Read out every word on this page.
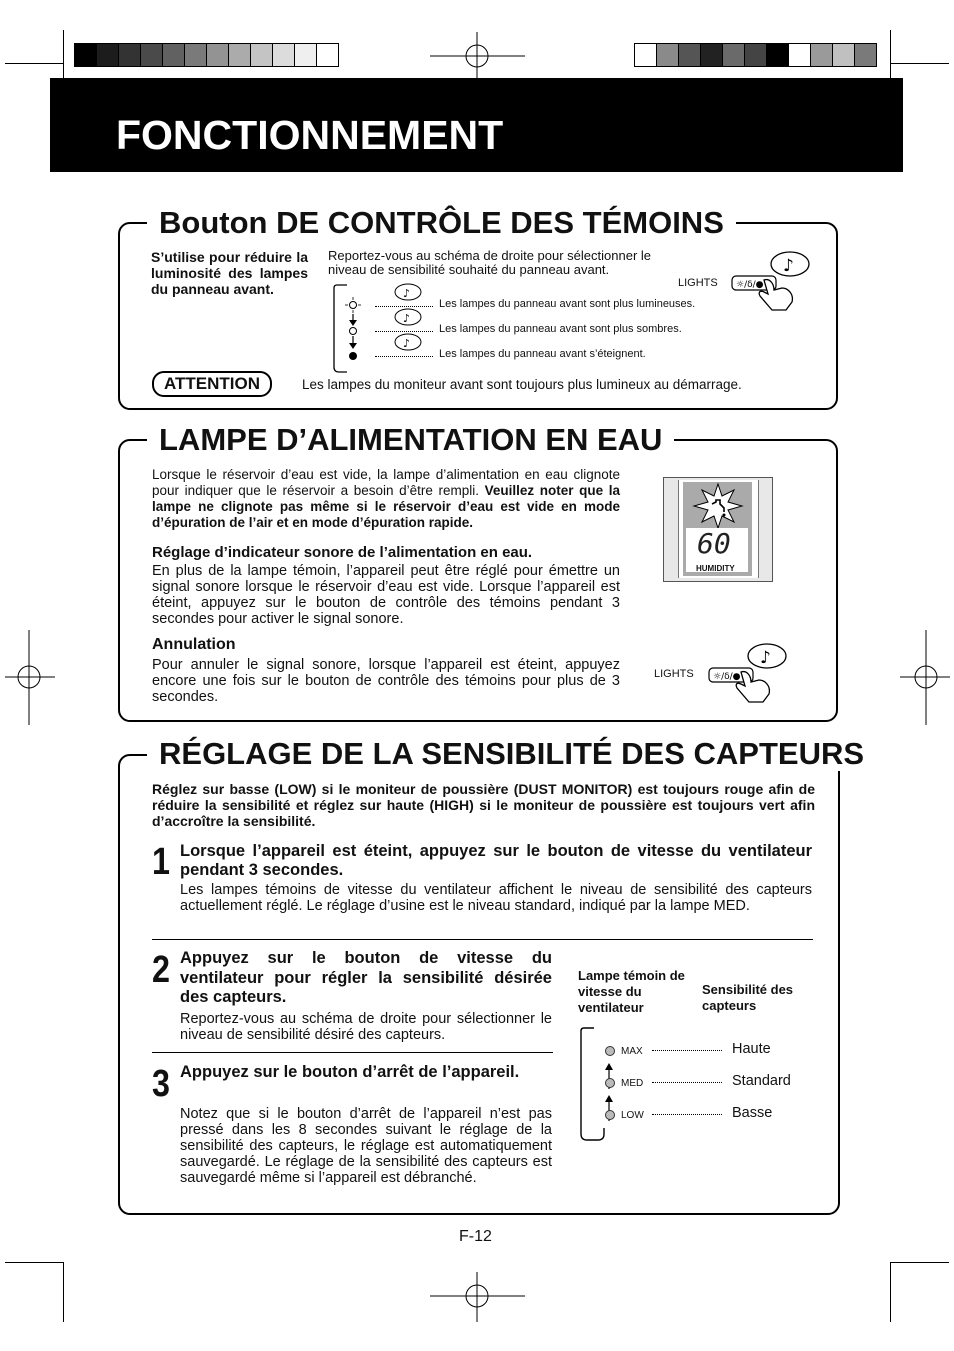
FONCTIONNEMENT
Bouton DE CONTRÔLE DES TÉMOINS
S’utilise pour réduire la luminosité des lampes du panneau avant.
Reportez-vous au schéma de droite pour sélectionner le niveau de sensibilité souhaité du panneau avant.
LIGHTS
♪
☼/δ/●
♪
♪
♪
Les lampes du panneau avant sont plus lumineuses.
Les lampes du panneau avant sont plus sombres.
Les lampes du panneau avant s’éteignent.
ATTENTION	Les lampes du moniteur avant sont toujours plus lumineux au démarrage.
LAMPE D’ALIMENTATION EN EAU
Lorsque le réservoir d’eau est vide, la lampe d’alimentation en eau clignote pour indiquer que le réservoir a besoin d’être rempli. Veuillez noter que la lampe ne clignote pas même si le réservoir d’eau est vide en mode d’épuration de l’air et en mode d’épuration rapide.
Réglage d’indicateur sonore de l’alimentation en eau.
En plus de la lampe témoin, l’appareil peut être réglé pour émettre un signal sonore lorsque le réservoir d’eau est vide. Lorsque l’appareil est éteint, appuyez sur le bouton de contrôle des témoins pendant 3 secondes pour activer le signal sonore.
Annulation
Pour annuler le signal sonore, lorsque l’appareil est éteint, appuyez encore une fois sur le bouton de contrôle des témoins pour plus de 3 secondes.
60
HUMIDITY
LIGHTS
♪
☼/δ/●
RÉGLAGE DE LA SENSIBILITÉ DES CAPTEURS
Réglez sur basse (LOW) si le moniteur de poussière (DUST MONITOR) est toujours rouge afin de réduire la sensibilité et réglez sur haute (HIGH) si le moniteur de poussière est toujours vert afin d’accroître la sensibilité.
1 Lorsque l’appareil est éteint, appuyez sur le bouton de vitesse du ventilateur pendant 3 secondes.
Les lampes témoins de vitesse du ventilateur affichent le niveau de sensibilité des capteurs actuellement réglé. Le réglage d’usine est le niveau standard, indiqué par la lampe MED.
2 Appuyez sur le bouton de vitesse du ventilateur pour régler la sensibilité désirée des capteurs.
Reportez-vous au schéma de droite pour sélectionner le niveau de sensibilité désiré des capteurs.
3 Appuyez sur le bouton d’arrêt de l’appareil.
Notez que si le bouton d’arrêt de l’appareil n’est pas pressé dans les 8 secondes suivant le réglage de la sensibilité des capteurs, le réglage est automatiquement sauvegardé. Le réglage de la sensibilité des capteurs est sauvegardé même si l’appareil est débranché.
Lampe témoin de vitesse du ventilateur
Sensibilité des capteurs
MAX
MED
LOW
Haute
Standard
Basse
F-12
